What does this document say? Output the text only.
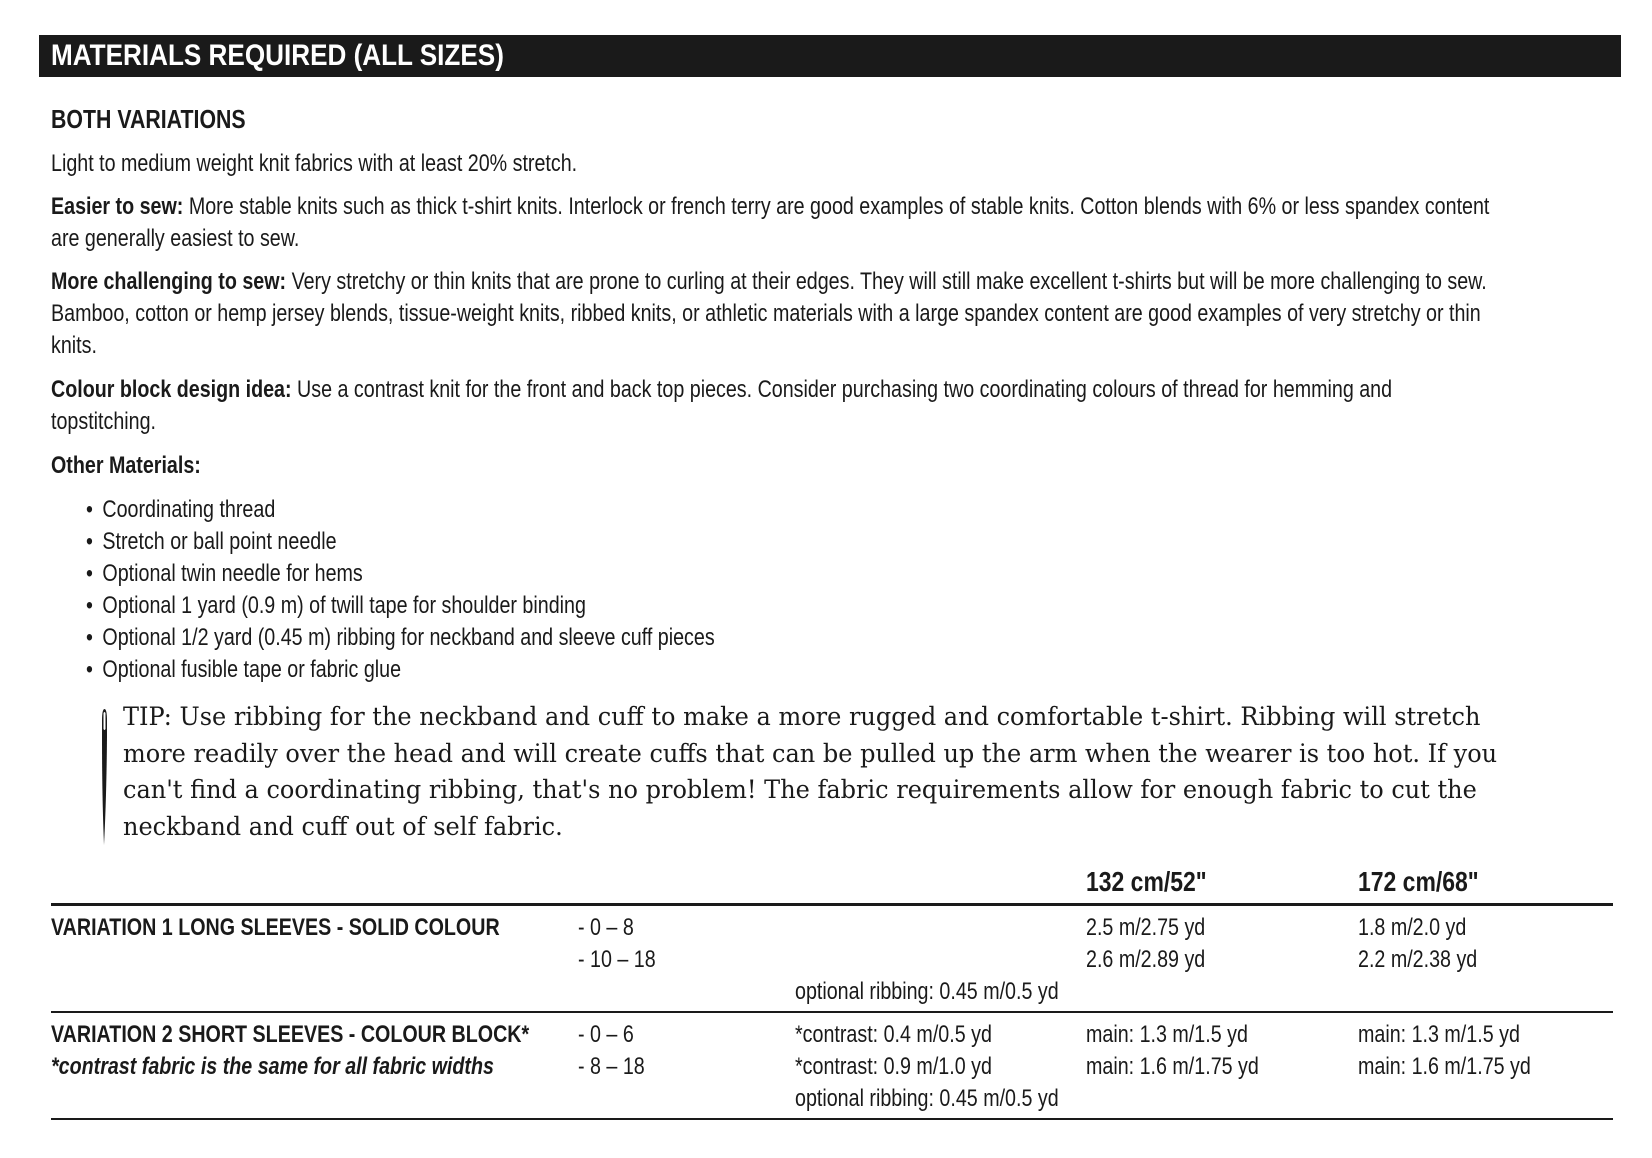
MATERIALS REQUIRED (ALL SIZES)
BOTH VARIATIONS
Light to medium weight knit fabrics with at least 20% stretch.
Easier to sew: More stable knits such as thick t-shirt knits. Interlock or french terry are good examples of stable knits. Cotton blends with 6% or less spandex content are generally easiest to sew.
More challenging to sew: Very stretchy or thin knits that are prone to curling at their edges. They will still make excellent t-shirts but will be more challenging to sew. Bamboo, cotton or hemp jersey blends, tissue-weight knits, ribbed knits, or athletic materials with a large spandex content are good examples of very stretchy or thin knits.
Colour block design idea: Use a contrast knit for the front and back top pieces. Consider purchasing two coordinating colours of thread for hemming and topstitching.
Other Materials:
• Coordinating thread
• Stretch or ball point needle
• Optional twin needle for hems
• Optional 1 yard (0.9 m) of twill tape for shoulder binding
• Optional 1/2 yard (0.45 m) ribbing for neckband and sleeve cuff pieces
• Optional fusible tape or fabric glue
TIP: Use ribbing for the neckband and cuff to make a more rugged and comfortable t-shirt. Ribbing will stretch more readily over the head and will create cuffs that can be pulled up the arm when the wearer is too hot. If you can't find a coordinating ribbing, that's no problem! The fabric requirements allow for enough fabric to cut the neckband and cuff out of self fabric.
132 cm/52"	172 cm/68"
VARIATION 1 LONG SLEEVES - SOLID COLOUR	- 0 – 8
- 10 – 18
2.5 m/2.75 yd
2.6 m/2.89 yd
1.8 m/2.0 yd
2.2 m/2.38 yd
optional ribbing: 0.45 m/0.5 yd
VARIATION 2 SHORT SLEEVES - COLOUR BLOCK*
*contrast fabric is the same for all fabric widths
- 0 – 6
- 8 – 18
*contrast: 0.4 m/0.5 yd
*contrast: 0.9 m/1.0 yd
main: 1.3 m/1.5 yd
main: 1.6 m/1.75 yd
main: 1.3 m/1.5 yd
main: 1.6 m/1.75 yd
optional ribbing: 0.45 m/0.5 yd
